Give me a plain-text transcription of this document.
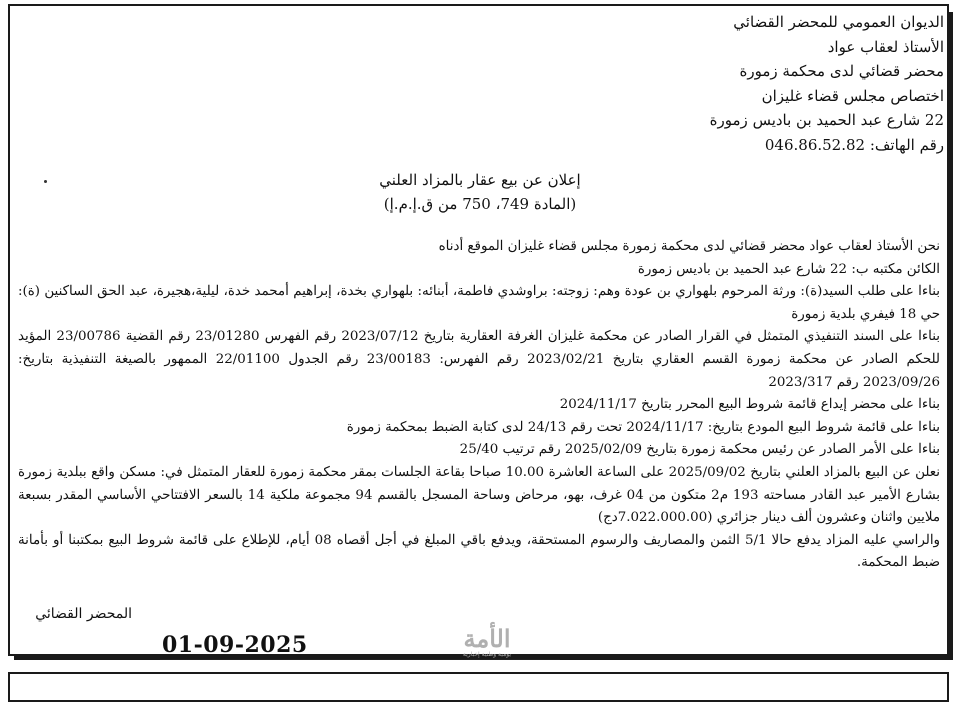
الديوان العمومي للمحضر القضائي
الأستاذ لعقاب عواد
محضر قضائي لدى محكمة زمورة
اختصاص مجلس قضاء غليزان
22 شارع عبد الحميد بن باديس زمورة
رقم الهاتف: 046.86.52.82
إعلان عن بيع عقار بالمزاد العلني
(المادة 749، 750 من ق.إ.م.إ)

نحن الأستاذ لعقاب عواد محضر قضائي لدى محكمة زمورة مجلس قضاء غليزان الموقع أدناه

الكائن مكتبه ب: 22 شارع عبد الحميد بن باديس زمورة

بناءا على طلب السيد(ة): ورثة المرحوم بلهواري بن عودة وهم: زوجته: براوشدي فاطمة، أبنائه: بلهواري بخدة، إبراهيم أمحمد خدة، ليلية،هجيرة، عبد الحق الساكنين (ة): حي 18 فيفري بلدية زمورة

بناءا على السند التنفيذي المتمثل في القرار الصادر عن محكمة غليزان الغرفة العقارية بتاريخ 2023/07/12 رقم الفهرس 23/01280 رقم القضية 23/00786 المؤيد للحكم الصادر عن محكمة زمورة القسم العقاري بتاريخ 2023/02/21 رقم الفهرس: 23/00183 رقم الجدول 22/01100 الممهور بالصيغة التنفيذية بتاريخ: 2023/09/26 رقم 2023/317

بناءا على محضر إيداع قائمة شروط البيع المحرر بتاريخ 2024/11/17

بناءا على قائمة شروط البيع المودع بتاريخ: 2024/11/17 تحت رقم 24/13 لدى كتابة الضبط بمحكمة زمورة

بناءا على الأمر الصادر عن رئيس محكمة زمورة بتاريخ 2025/02/09 رقم ترتيب 25/40

نعلن عن البيع بالمزاد العلني بتاريخ 2025/09/02 على الساعة العاشرة 10.00 صباحا بقاعة الجلسات بمقر محكمة زمورة للعقار المتمثل في: مسكن واقع ببلدية زمورة بشارع الأمير عبد القادر مساحته 193 م2 متكون من 04 غرف، بهو، مرحاض وساحة المسجل بالقسم 94 مجموعة ملكية 14 بالسعر الافتتاحي الأساسي المقدر بسبعة ملايين واثنان وعشرون ألف دينار جزائري (7.022.000.00دج)

والراسي عليه المزاد يدفع حالا 5/1 الثمن والمصاريف والرسوم المستحقة، ويدفع باقي المبلغ في أجل أقصاه 08 أيام، للإطلاع على قائمة شروط البيع بمكتبنا أو بأمانة ضبط المحكمة.

المحضر القضائي
01-09-2025	الأمة
يومية وطنية إخبارية
